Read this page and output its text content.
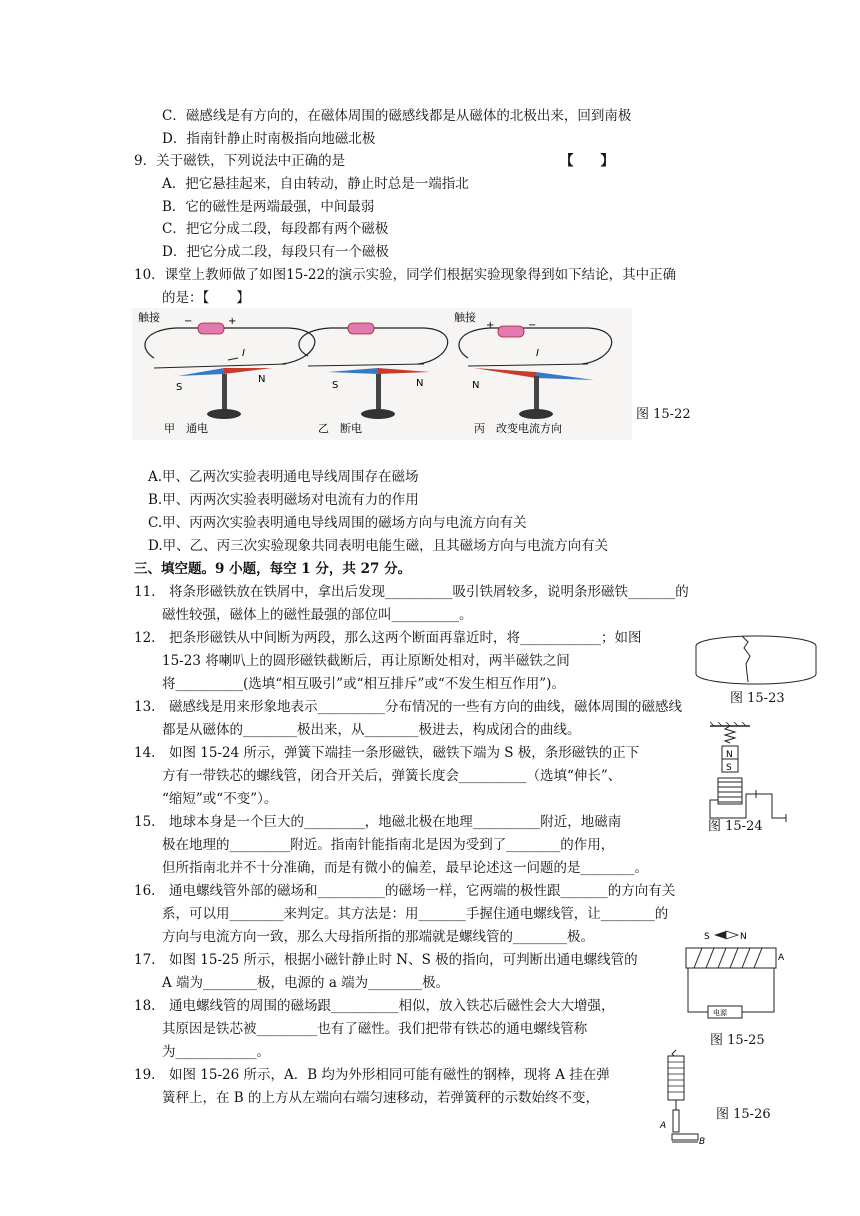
C．磁感线是有方向的，在磁体周围的磁感线都是从磁体的北极出来，回到南极
D．指南针静止时南极指向地磁北极
9．关于磁铁，下列说法中正确的是	【　　】
A．把它悬挂起来，自由转动，静止时总是一端指北
B．它的磁性是两端最强，中间最弱
C．把它分成二段，每段都有两个磁极
D．把它分成二段，每段只有一个磁极
10．课堂上教师做了如图15-22的演示实验，同学们根据实验现象得到如下结论，其中正确
的是：【　　】
触接 −	+
I
S
N
甲　通电
S	N
乙　断电
触接
−
+
I
N
丙　改变电流方向
图 15-22
A.甲、乙两次实验表明通电导线周围存在磁场
B.甲、丙两次实验表明磁场对电流有力的作用
C.甲、丙两次实验表明通电导线周围的磁场方向与电流方向有关
D.甲、乙、丙三次实验现象共同表明电能生磁，且其磁场方向与电流方向有关
三、填空题。9 小题，每空 1 分，共 27 分。
11.　将条形磁铁放在铁屑中，拿出后发现__________吸引铁屑较多，说明条形磁铁_______的
磁性较强，磁体上的磁性最强的部位叫__________。
12.　把条形磁铁从中间断为两段，那么这两个断面再靠近时，将____________；如图
15-23 将喇叭上的圆形磁铁截断后，再让原断处相对，两半磁铁之间
将__________(选填“相互吸引”或“相互排斥”或“不发生相互作用”)。
图 15-23
13.　磁感线是用来形象地表示__________分布情况的一些有方向的曲线，磁体周围的磁感线
都是从磁体的________极出来，从________极进去，构成闭合的曲线。
N
S
图 15-24
14.　如图 15-24 所示，弹簧下端挂一条形磁铁，磁铁下端为 S 极，条形磁铁的正下
方有一带铁芯的螺线管，闭合开关后，弹簧长度会__________（选填“伸长”、
“缩短”或“不变”）。
15.　地球本身是一个巨大的_________，地磁北极在地理__________附近，地磁南
极在地理的_________附近。指南针能指南北是因为受到了________的作用，
但所指南北并不十分准确，而是有微小的偏差，最早论述这一问题的是________。
16.　通电螺线管外部的磁场和__________的磁场一样，它两端的极性跟_______的方向有关
系，可以用________来判定。其方法是：用_______手握住通电螺线管，让________的
方向与电流方向一致，那么大母指所指的那端就是螺线管的________极。	S	N
A
电源
17.　如图 15-25 所示，根据小磁针静止时 N、S 极的指向，可判断出通电螺线管的
A 端为________极，电源的 a 端为________极。
18.　通电螺线管的周围的磁场跟__________相似，放入铁芯后磁性会大大增强，
其原因是铁芯被_________也有了磁性。我们把带有铁芯的通电螺线管称
为____________。
图 15-25
19.　如图 15-26 所示，A．B 均为外形相同可能有磁性的钢棒，现将 A 挂在弹
簧秤上，在 B 的上方从左端向右端匀速移动，若弹簧秤的示数始终不变，
A
B
图 15-26
